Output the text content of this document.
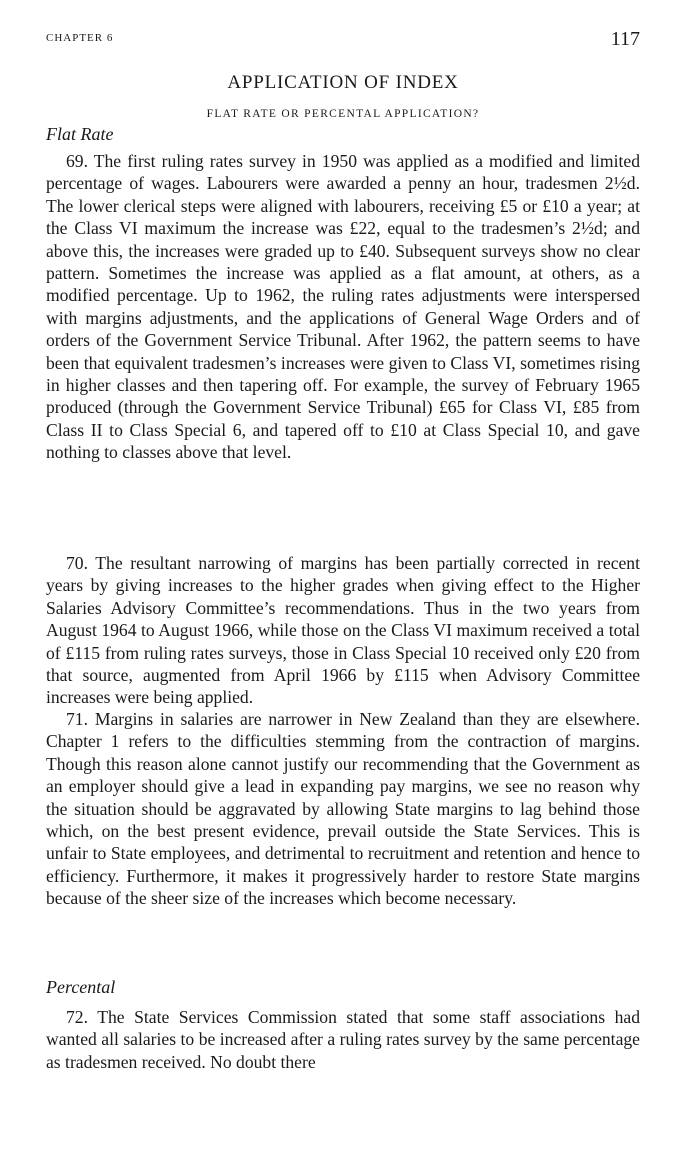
CHAPTER 6	117
APPLICATION OF INDEX
FLAT RATE OR PERCENTAL APPLICATION?
Flat Rate

69. The first ruling rates survey in 1950 was applied as a modified and limited percentage of wages. Labourers were awarded a penny an hour, tradesmen 2½d. The lower clerical steps were aligned with labourers, receiving £5 or £10 a year; at the Class VI maximum the increase was £22, equal to the tradesmen’s 2½d; and above this, the increases were graded up to £40. Subsequent surveys show no clear pattern. Sometimes the increase was applied as a flat amount, at others, as a modified percentage. Up to 1962, the ruling rates adjustments were interspersed with margins adjustments, and the applications of General Wage Orders and of orders of the Government Service Tribunal. After 1962, the pattern seems to have been that equivalent tradesmen’s increases were given to Class VI, sometimes rising in higher classes and then tapering off. For example, the survey of February 1965 produced (through the Government Service Tribunal) £65 for Class VI, £85 from Class II to Class Special 6, and tapered off to £10 at Class Special 10, and gave nothing to classes above that level.

70. The resultant narrowing of margins has been partially corrected in recent years by giving increases to the higher grades when giving effect to the Higher Salaries Advisory Committee’s recommendations. Thus in the two years from August 1964 to August 1966, while those on the Class VI maximum received a total of £115 from ruling rates surveys, those in Class Special 10 received only £20 from that source, augmented from April 1966 by £115 when Advisory Committee increases were being applied.

71. Margins in salaries are narrower in New Zealand than they are elsewhere. Chapter 1 refers to the difficulties stemming from the contraction of margins. Though this reason alone cannot justify our recommending that the Government as an employer should give a lead in expanding pay margins, we see no reason why the situation should be aggravated by allowing State margins to lag behind those which, on the best present evidence, prevail outside the State Services. This is unfair to State employees, and detrimental to recruitment and retention and hence to efficiency. Furthermore, it makes it progressively harder to restore State margins because of the sheer size of the increases which become necessary.

Percental

72. The State Services Commission stated that some staff associations had wanted all salaries to be increased after a ruling rates survey by the same percentage as tradesmen received. No doubt there
